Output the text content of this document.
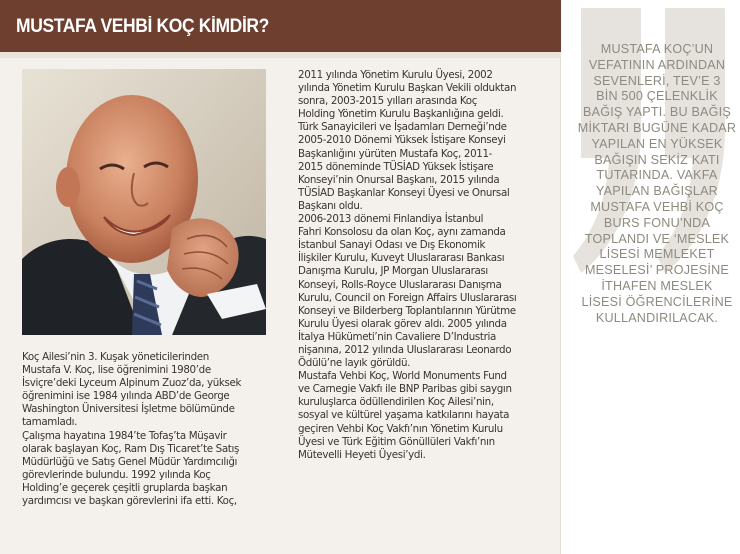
MUSTAFA VEHBİ KOÇ KİMDİR?

Koç Ailesi’nin 3. Kuşak yöneticilerinden

Mustafa V. Koç, lise öğrenimini 1980’de

İsviçre’deki Lyceum Alpinum Zuoz’da, yüksek

öğrenimini ise 1984 yılında ABD’de George

Washington Üniversitesi İşletme bölümünde

tamamladı.

Çalışma hayatına 1984’te Tofaş’ta Müşavir

olarak başlayan Koç, Ram Dış Ticaret’te Satış

Müdürlüğü ve Satış Genel Müdür Yardımcılığı

görevlerinde bulundu. 1992 yılında Koç

Holding’e geçerek çeşitli gruplarda başkan

yardımcısı ve başkan görevlerini ifa etti. Koç,

2011 yılında Yönetim Kurulu Üyesi, 2002

yılında Yönetim Kurulu Başkan Vekili olduktan

sonra, 2003-2015 yılları arasında Koç

Holding Yönetim Kurulu Başkanlığına geldi.

Türk Sanayicileri ve İşadamları Derneği’nde

2005-2010 Dönemi Yüksek İstişare Konseyi

Başkanlığını yürüten Mustafa Koç, 2011-

2015 döneminde TÜSİAD Yüksek İstişare

Konseyi’nin Onursal Başkanı, 2015 yılında

TÜSİAD Başkanlar Konseyi Üyesi ve Onursal

Başkanı oldu.

2006-2013 dönemi Finlandiya İstanbul

Fahri Konsolosu da olan Koç, aynı zamanda

İstanbul Sanayi Odası ve Dış Ekonomik

İlişkiler Kurulu, Kuveyt Uluslararası Bankası

Danışma Kurulu, JP Morgan Uluslararası

Konseyi, Rolls-Royce Uluslararası Danışma

Kurulu, Council on Foreign Affairs Uluslararası

Konseyi ve Bilderberg Toplantılarının Yürütme

Kurulu Üyesi olarak görev aldı. 2005 yılında

İtalya Hükümeti’nin Cavaliere D’Industria

nişanına, 2012 yılında Uluslararası Leonardo

Ödülü’ne layık görüldü.

Mustafa Vehbi Koç, World Monuments Fund

ve Carnegie Vakfı ile BNP Paribas gibi saygın

kuruluşlarca ödüllendirilen Koç Ailesi’nin,

sosyal ve kültürel yaşama katkılarını hayata

geçiren Vehbi Koç Vakfı’nın Yönetim Kurulu

Üyesi ve Türk Eğitim Gönüllüleri Vakfı’nın

Mütevelli Heyeti Üyesi’ydi.

MUSTAFA KOÇ’UN

VEFATININ ARDINDAN

SEVENLERİ, TEV’E 3

BİN 500 ÇELENKLİK

BAĞIŞ YAPTI. BU BAĞIŞ

MİKTARI BUGÜNE KADAR

YAPILAN EN YÜKSEK

BAĞIŞIN SEKİZ KATI

TUTARINDA. VAKFA

YAPILAN BAĞIŞLAR

MUSTAFA VEHBİ KOÇ

BURS FONU’NDA

TOPLANDI VE ‘MESLEK

LİSESİ MEMLEKET

MESELESİ’ PROJESİNE

İTHAFEN MESLEK

LİSESİ ÖĞRENCİLERİNE

KULLANDIRILACAK.
